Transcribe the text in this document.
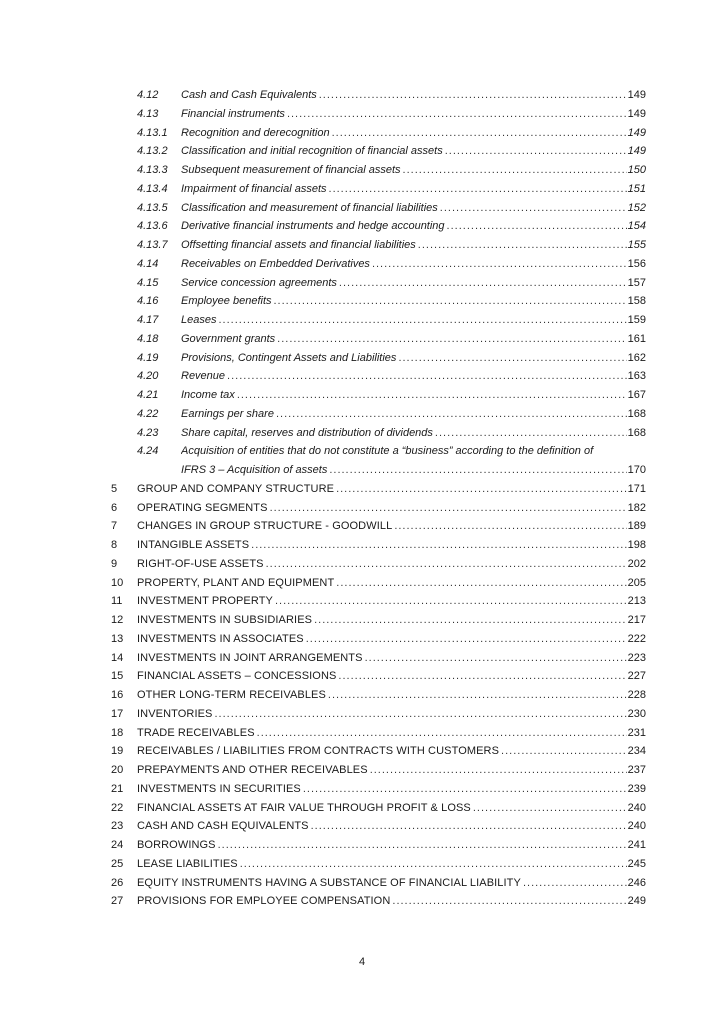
4.12 Cash and Cash Equivalents .....	149
4.13 Financial instruments .....	149
4.13.1 Recognition and derecognition .....	149
4.13.2 Classification and initial recognition of financial assets .....	149
4.13.3 Subsequent measurement of financial assets .....	150
4.13.4 Impairment of financial assets .....	151
4.13.5 Classification and measurement of financial liabilities .....	152
4.13.6 Derivative financial instruments and hedge accounting .....	154
4.13.7 Offsetting financial assets and financial liabilities .....	155
4.14 Receivables on Embedded Derivatives .....	156
4.15 Service concession agreements .....	157
4.16 Employee benefits .....	158
4.17 Leases .....	159
4.18 Government grants .....	161
4.19 Provisions, Contingent Assets and Liabilities .....	162
4.20 Revenue .....	163
4.21 Income tax .....	167
4.22 Earnings per share .....	168
4.23 Share capital, reserves and distribution of dividends .....	168
4.24 Acquisition of entities that do not constitute a “business” according to the definition of
IFRS 3 – Acquisition of assets .....	170
5 GROUP AND COMPANY STRUCTURE .....	171
6 OPERATING SEGMENTS .....	182
7 CHANGES IN GROUP STRUCTURE - GOODWILL .....	189
8 INTANGIBLE ASSETS .....	198
9 RIGHT-OF-USE ASSETS .....	202
10 PROPERTY, PLANT AND EQUIPMENT .....	205
11 INVESTMENT PROPERTY .....	213
12 INVESTMENTS IN SUBSIDIARIES .....	217
13 INVESTMENTS IN ASSOCIATES .....	222
14 INVESTMENTS IN JOINT ARRANGEMENTS .....	223
15 FINANCIAL ASSETS – CONCESSIONS .....	227
16 OTHER LONG-TERM RECEIVABLES .....	228
17 INVENTORIES .....	230
18 TRADE RECEIVABLES .....	231
19 RECEIVABLES / LIABILITIES FROM CONTRACTS WITH CUSTOMERS .....	234
20 PREPAYMENTS AND OTHER RECEIVABLES .....	237
21 INVESTMENTS IN SECURITIES .....	239
22 FINANCIAL ASSETS AT FAIR VALUE THROUGH PROFIT & LOSS .....	240
23 CASH AND CASH EQUIVALENTS .....	240
24 BORROWINGS .....	241
25 LEASE LIABILITIES .....	245
26 EQUITY INSTRUMENTS HAVING A SUBSTANCE OF FINANCIAL LIABILITY .....	246
27 PROVISIONS FOR EMPLOYEE COMPENSATION .....	249
4
